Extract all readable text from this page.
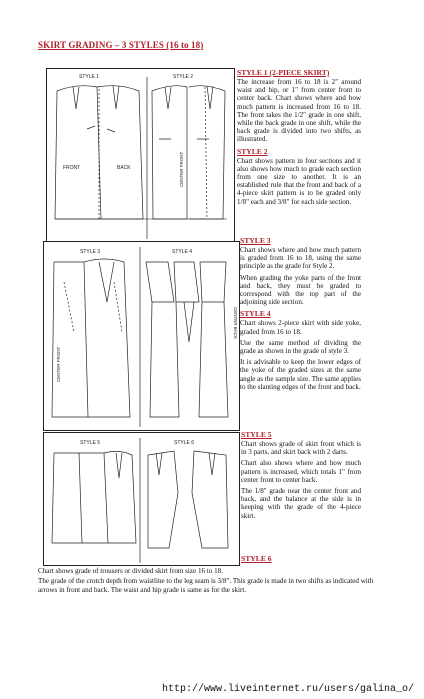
SKIRT GRADING – 3 STYLES (16 to 18)
STYLE 1	STYLE 2
FRONT	BACK	CENTER FRONT
STYLE 3	STYLE 4
CENTER FRONT
CENTER BACK
STYLE 5	STYLE 6
STYLE 1 (2-PIECE SKIRT)

The increase from 16 to 18 is 2" around waist and hip, or 1" from center front to center back. Chart shows where and how much pattern is increased from 16 to 18. The front takes the 1/2" grade in one shift, while the back grade in one shift, while the back grade is divided into two shifts, as illustrated.

STYLE 2

Chart shows pattern in four sections and it also shows how much to grade each section from one size to another. It is an established rule that the front and back of a 4-piece skirt pattern is to be graded only 1/8" each and 3/8" for each side section.

STYLE 3

Chart shows where and how much pattern is graded from 16 to 18, using the same principle as the grade for Style 2.

When grading the yoke parts of the front and back, they must be graded to correspond with the top part of the adjoining side section.

STYLE 4

Chart shows 2-piece skirt with side yoke, graded from 16 to 18.

Use the same method of dividing the grade as shown in the grade of style 3.

It is advisable to keep the lower edges of the yoke of the graded sizes at the same angle as the sample size. The same applies to the slanting edges of the front and back.

STYLE 5

Chart shows grade of skirt front which is in 3 parts, and skirt back with 2 darts.

Chart also shows where and how much pattern is increased, which totals 1" from center front to center back.

The 1/8" grade near the center front and back, and the balance at the side is in keeping with the grade of the 4-piece skirt.

STYLE 6

Chart shows grade of trousers or divided skirt from size 16 to 18.

The grade of the crotch depth from waistline to the leg seam is 3/8". This grade is made in two shifts as indicated with arrows in front and back. The waist and hip grade is same as for the skirt.

http://www.liveinternet.ru/users/galina_o/
